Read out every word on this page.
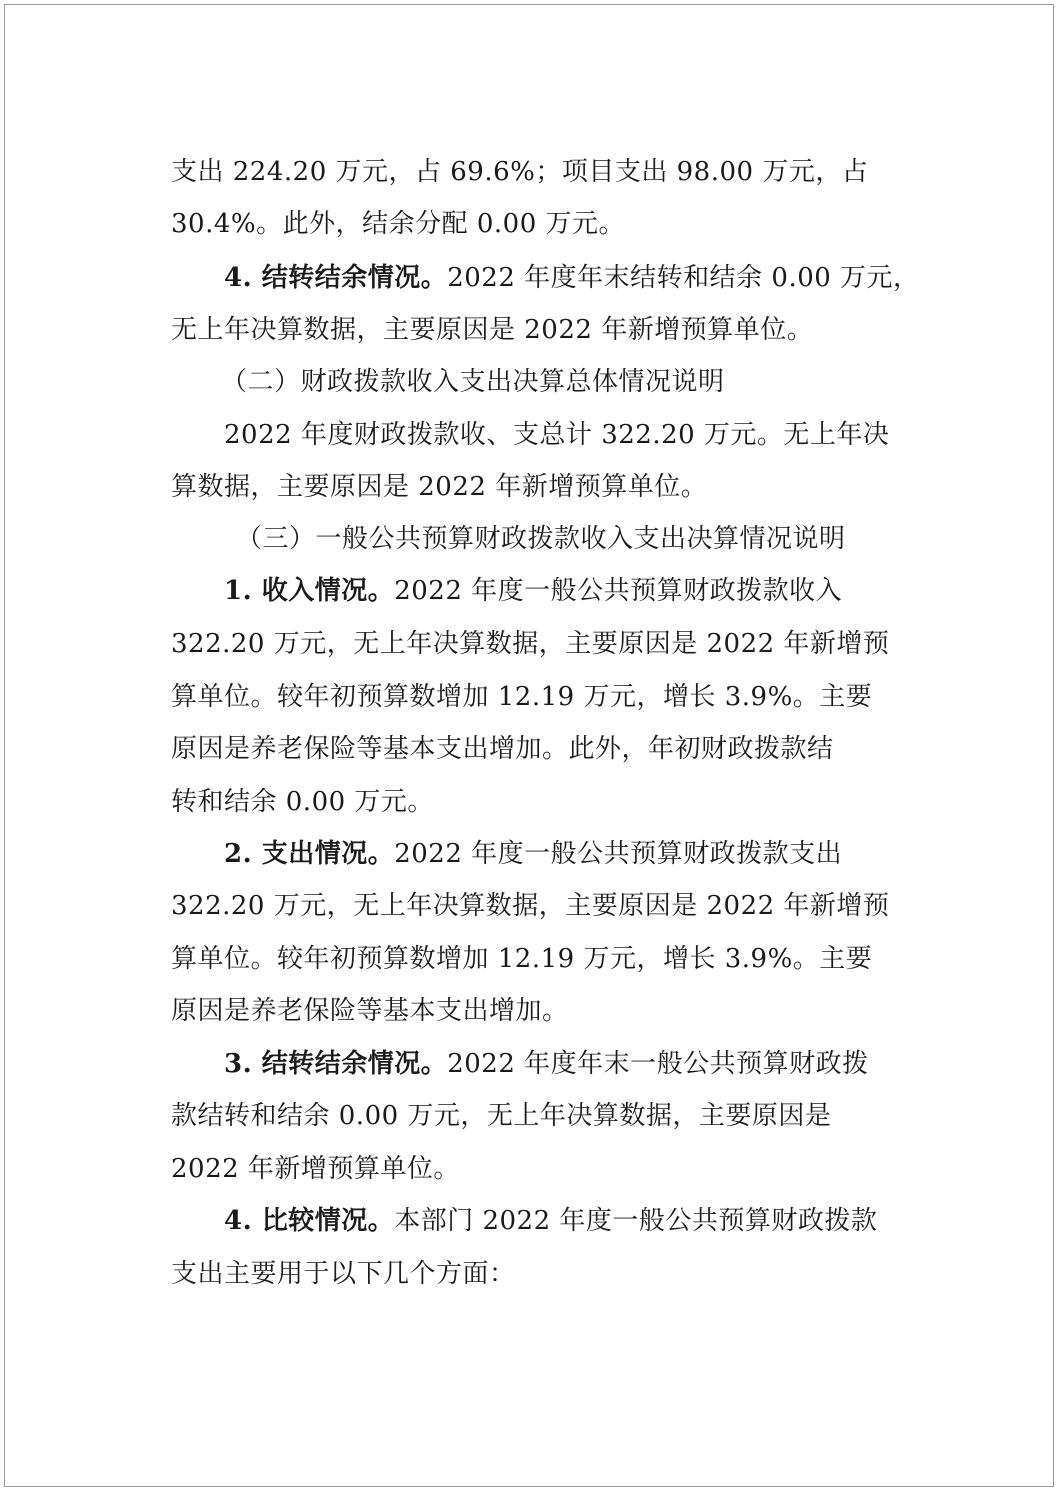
支出 224.20 万元，占 69.6%；项目支出 98.00 万元，占
30.4%。此外，结余分配 0.00 万元。
4. 结转结余情况。2022 年度年末结转和结余 0.00 万元，
无上年决算数据，主要原因是 2022 年新增预算单位。
（二）财政拨款收入支出决算总体情况说明
2022 年度财政拨款收、支总计 322.20 万元。无上年决
算数据，主要原因是 2022 年新增预算单位。
（三）一般公共预算财政拨款收入支出决算情况说明
1. 收入情况。2022 年度一般公共预算财政拨款收入
322.20 万元，无上年决算数据，主要原因是 2022 年新增预
算单位。较年初预算数增加 12.19 万元，增长 3.9%。主要
原因是养老保险等基本支出增加。此外，年初财政拨款结
转和结余 0.00 万元。
2. 支出情况。2022 年度一般公共预算财政拨款支出
322.20 万元，无上年决算数据，主要原因是 2022 年新增预
算单位。较年初预算数增加 12.19 万元，增长 3.9%。主要
原因是养老保险等基本支出增加。
3. 结转结余情况。2022 年度年末一般公共预算财政拨
款结转和结余 0.00 万元，无上年决算数据，主要原因是
2022 年新增预算单位。
4. 比较情况。本部门 2022 年度一般公共预算财政拨款
支出主要用于以下几个方面：
